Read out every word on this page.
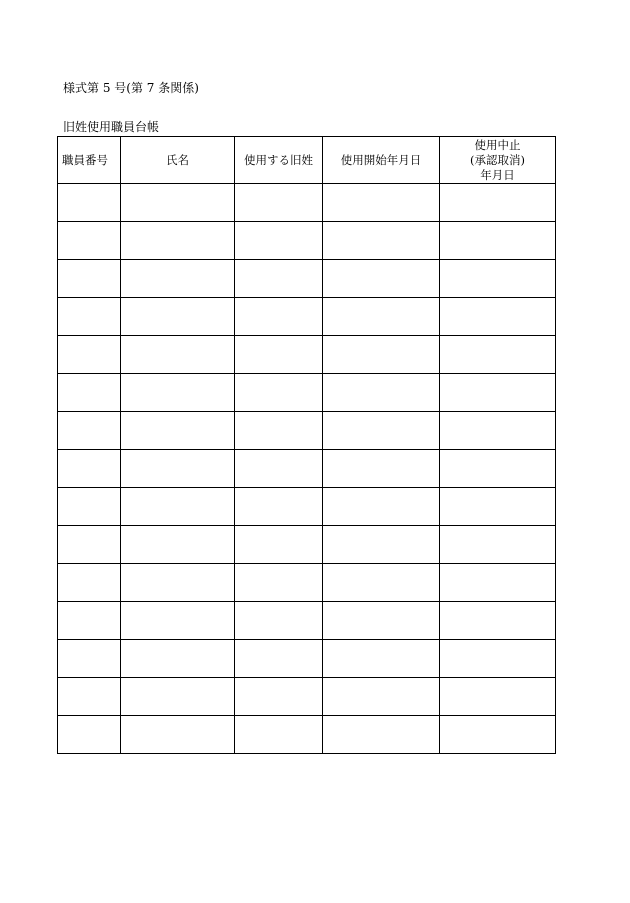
様式第 5 号(第 7 条関係)
旧姓使用職員台帳
職員番号	氏名	使用する旧姓	使用開始年月日	使用中止
(承認取消)
年月日
